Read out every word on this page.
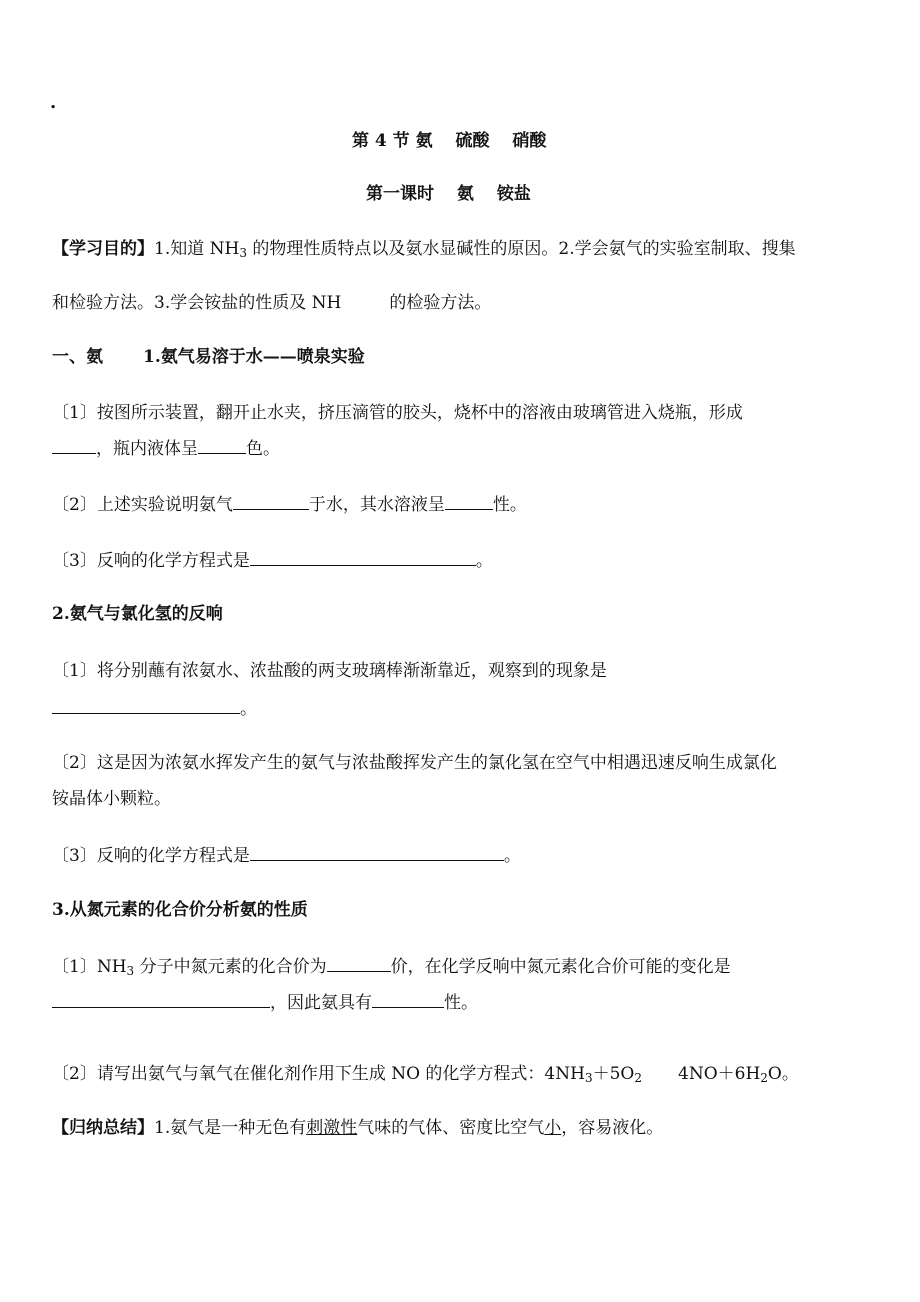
.
第 4 节 氨　 硫酸　 硝酸
第一课时　 氨　 铵盐
【学习目的】1.知道 $NH_3$ 的物理性质特点以及氨水显碱性的原因。2.学会氨气的实验室制取、搜集
和检验方法。3.学会铵盐的性质及 NH	的检验方法。
一、氨 1.氨气易溶于水——喷泉实验
〔1〕按图所示装置，翻开止水夹，挤压滴管的胶头，烧杯中的溶液由玻璃管进入烧瓶，形成
，瓶内液体呈	色。
〔2〕上述实验说明氨气	于水，其水溶液呈	性。
〔3〕反响的化学方程式是	。
2.氨气与氯化氢的反响
〔1〕将分别蘸有浓氨水、浓盐酸的两支玻璃棒渐渐靠近，观察到的现象是
。
〔2〕这是因为浓氨水挥发产生的氨气与浓盐酸挥发产生的氯化氢在空气中相遇迅速反响生成氯化
铵晶体小颗粒。
〔3〕反响的化学方程式是	。
3.从氮元素的化合价分析氨的性质
〔1〕$NH_3$ 分子中氮元素的化合价为	价，在化学反响中氮元素化合价可能的变化是
，因此氨具有	性。
〔2〕请写出氨气与氧气在催化剂作用下生成 NO 的化学方程式：$4NH_3+5O_2$ $4NO+6H_2O$。
【归纳总结】1.氨气是一种无色有刺激性气味的气体、密度比空气小，容易液化。
